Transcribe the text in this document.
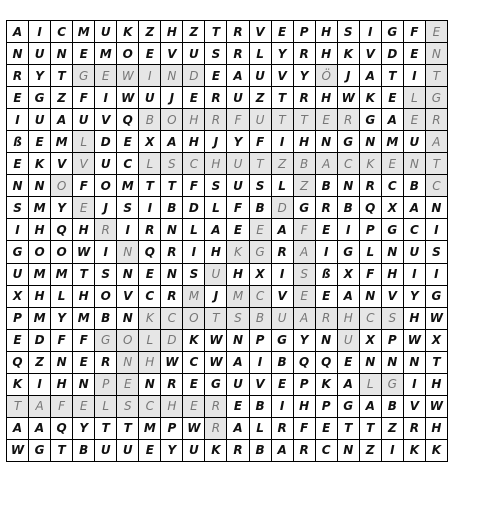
A	I	C	M	U	K	Z	H	Z	T	R	V	E	P	H	S	I	G	F	E
N	U	N	E	M	O	E	V	U	S	R	L	Y	R	H	K	V	D	E	N
R	Y	T	G	E	W	I	N	D	E	A	U	V	Y	Ö	J	A	T	I	T
E	G	Z	F	I	W	U	J	E	R	U	Z	T	R	H	W	K	E	L	G
I	U	A	U	V	Q	B	O	H	R	F	U	T	T	E	R	G	A	E	R
ß	E	M	L	D	E	X	A	H	J	Y	F	I	H	N	G	N	M	U	A
E	K	V	V	U	C	L	S	C	H	U	T	Z	B	A	C	K	E	N	T
N	N	O	F	O	M	T	T	F	S	U	S	L	Z	B	N	R	C	B	C
S	M	Y	E	J	S	I	B	D	L	F	B	D	G	R	B	Q	X	A	N
I	H	Q	H	R	I	R	N	L	A	E	E	A	F	E	I	P	G	C	I
G	O	O	W	I	N	Q	R	I	H	K	G	R	A	I	G	L	N	U	S
U	M	M	T	S	N	E	N	S	U	H	X	I	S	ß	X	F	H	I	I
X	H	L	H	O	V	C	R	M	J	M	C	V	E	E	A	N	V	Y	G
P	M	Y	M	B	N	K	C	O	T	S	B	U	A	R	H	C	S	H	W
E	D	F	F	G	O	L	D	K	W	N	P	G	Y	N	U	X	P	W	X
Q	Z	N	E	R	N	H	W	C	W	A	I	B	Q	Q	E	N	N	N	T
K	I	H	N	P	E	N	R	E	G	U	V	E	P	K	A	L	G	I	H
T	A	F	E	L	S	C	H	E	R	E	B	I	H	P	G	A	B	V	W
A	A	Q	Y	T	T	M	P	W	R	A	L	R	F	E	T	T	Z	R	H
W	G	T	B	U	U	E	Y	U	K	R	B	A	R	C	N	Z	I	K	K
